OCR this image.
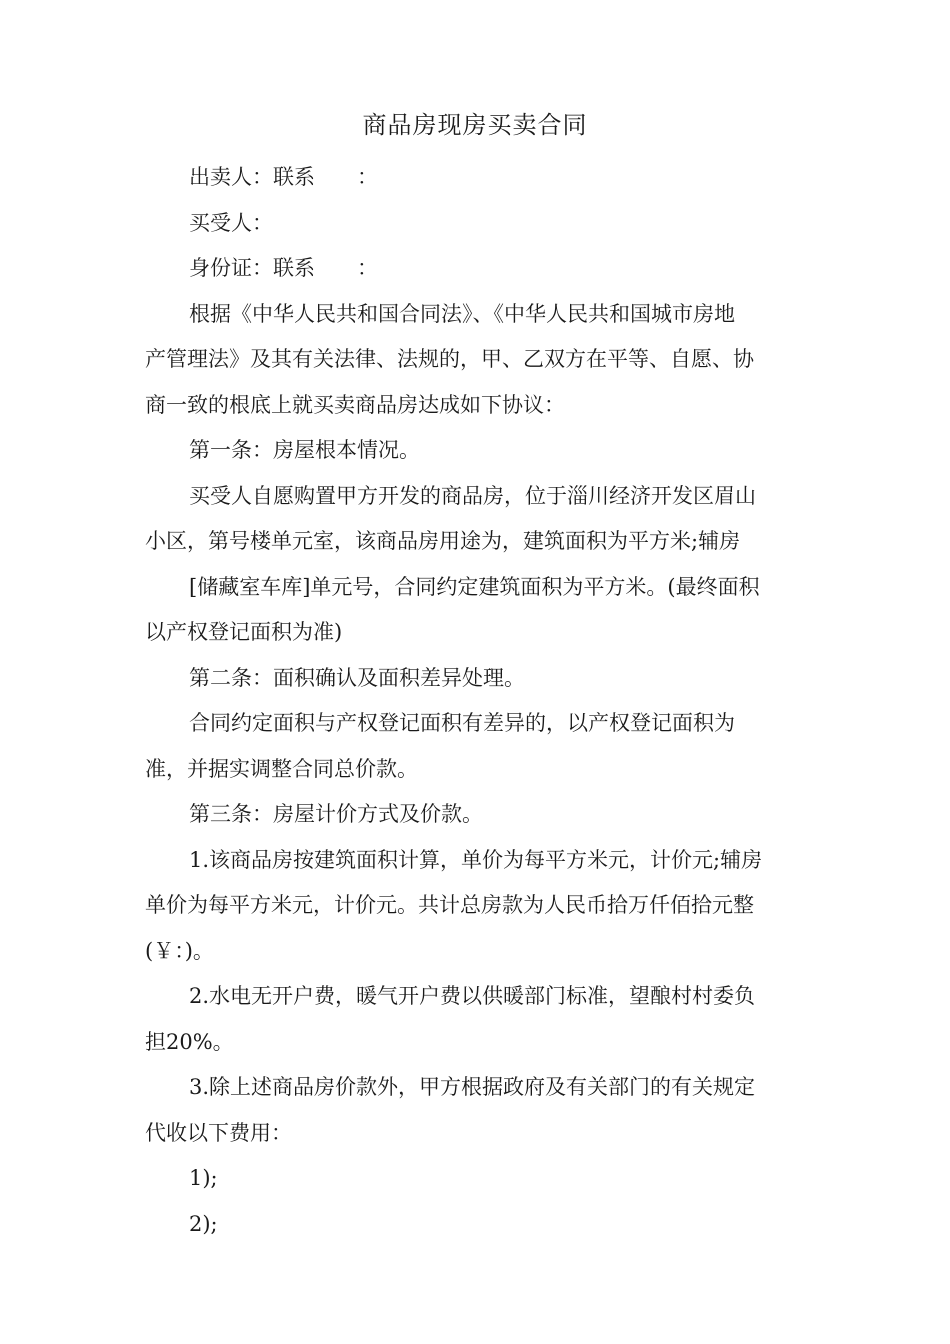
商品房现房买卖合同

出卖人：联系　　：

买受人：

身份证：联系　　：

根据《中华人民共和国合同法》、《中华人民共和国城市房地
产管理法》及其有关法律、法规的，甲、乙双方在平等、自愿、协
商一致的根底上就买卖商品房达成如下协议：

第一条：房屋根本情况。

买受人自愿购置甲方开发的商品房，位于淄川经济开发区眉山
小区，第号楼单元室，该商品房用途为，建筑面积为平方米;辅房

[储藏室车库]单元号，合同约定建筑面积为平方米。(最终面积
以产权登记面积为准)

第二条：面积确认及面积差异处理。

合同约定面积与产权登记面积有差异的，以产权登记面积为
准，并据实调整合同总价款。

第三条：房屋计价方式及价款。

1.该商品房按建筑面积计算，单价为每平方米元，计价元;辅房
单价为每平方米元，计价元。共计总房款为人民币拾万仟佰拾元整
(￥：)。

2.水电无开户费，暖气开户费以供暖部门标准，望酿村村委负
担20%。

3.除上述商品房价款外，甲方根据政府及有关部门的有关规定
代收以下费用：

1);

2);
